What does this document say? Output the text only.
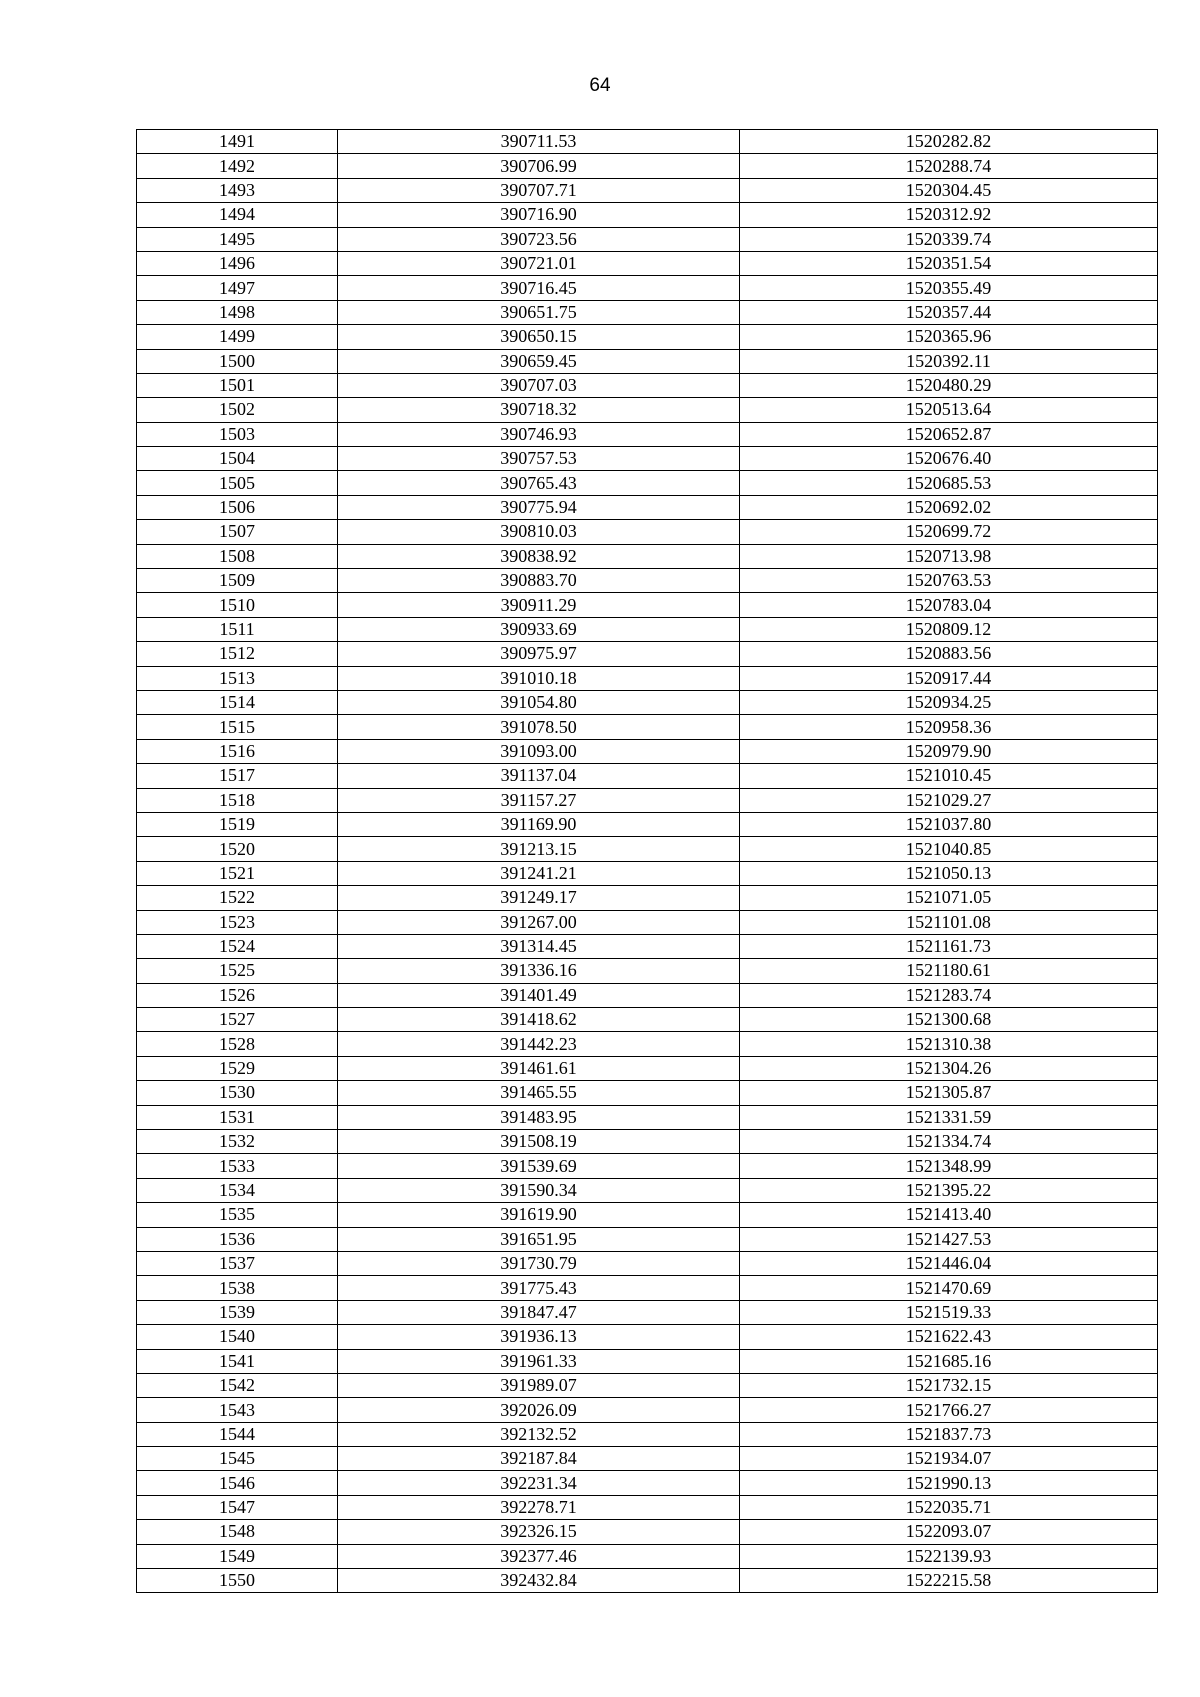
64
1491	390711.53	1520282.82
1492	390706.99	1520288.74
1493	390707.71	1520304.45
1494	390716.90	1520312.92
1495	390723.56	1520339.74
1496	390721.01	1520351.54
1497	390716.45	1520355.49
1498	390651.75	1520357.44
1499	390650.15	1520365.96
1500	390659.45	1520392.11
1501	390707.03	1520480.29
1502	390718.32	1520513.64
1503	390746.93	1520652.87
1504	390757.53	1520676.40
1505	390765.43	1520685.53
1506	390775.94	1520692.02
1507	390810.03	1520699.72
1508	390838.92	1520713.98
1509	390883.70	1520763.53
1510	390911.29	1520783.04
1511	390933.69	1520809.12
1512	390975.97	1520883.56
1513	391010.18	1520917.44
1514	391054.80	1520934.25
1515	391078.50	1520958.36
1516	391093.00	1520979.90
1517	391137.04	1521010.45
1518	391157.27	1521029.27
1519	391169.90	1521037.80
1520	391213.15	1521040.85
1521	391241.21	1521050.13
1522	391249.17	1521071.05
1523	391267.00	1521101.08
1524	391314.45	1521161.73
1525	391336.16	1521180.61
1526	391401.49	1521283.74
1527	391418.62	1521300.68
1528	391442.23	1521310.38
1529	391461.61	1521304.26
1530	391465.55	1521305.87
1531	391483.95	1521331.59
1532	391508.19	1521334.74
1533	391539.69	1521348.99
1534	391590.34	1521395.22
1535	391619.90	1521413.40
1536	391651.95	1521427.53
1537	391730.79	1521446.04
1538	391775.43	1521470.69
1539	391847.47	1521519.33
1540	391936.13	1521622.43
1541	391961.33	1521685.16
1542	391989.07	1521732.15
1543	392026.09	1521766.27
1544	392132.52	1521837.73
1545	392187.84	1521934.07
1546	392231.34	1521990.13
1547	392278.71	1522035.71
1548	392326.15	1522093.07
1549	392377.46	1522139.93
1550	392432.84	1522215.58
